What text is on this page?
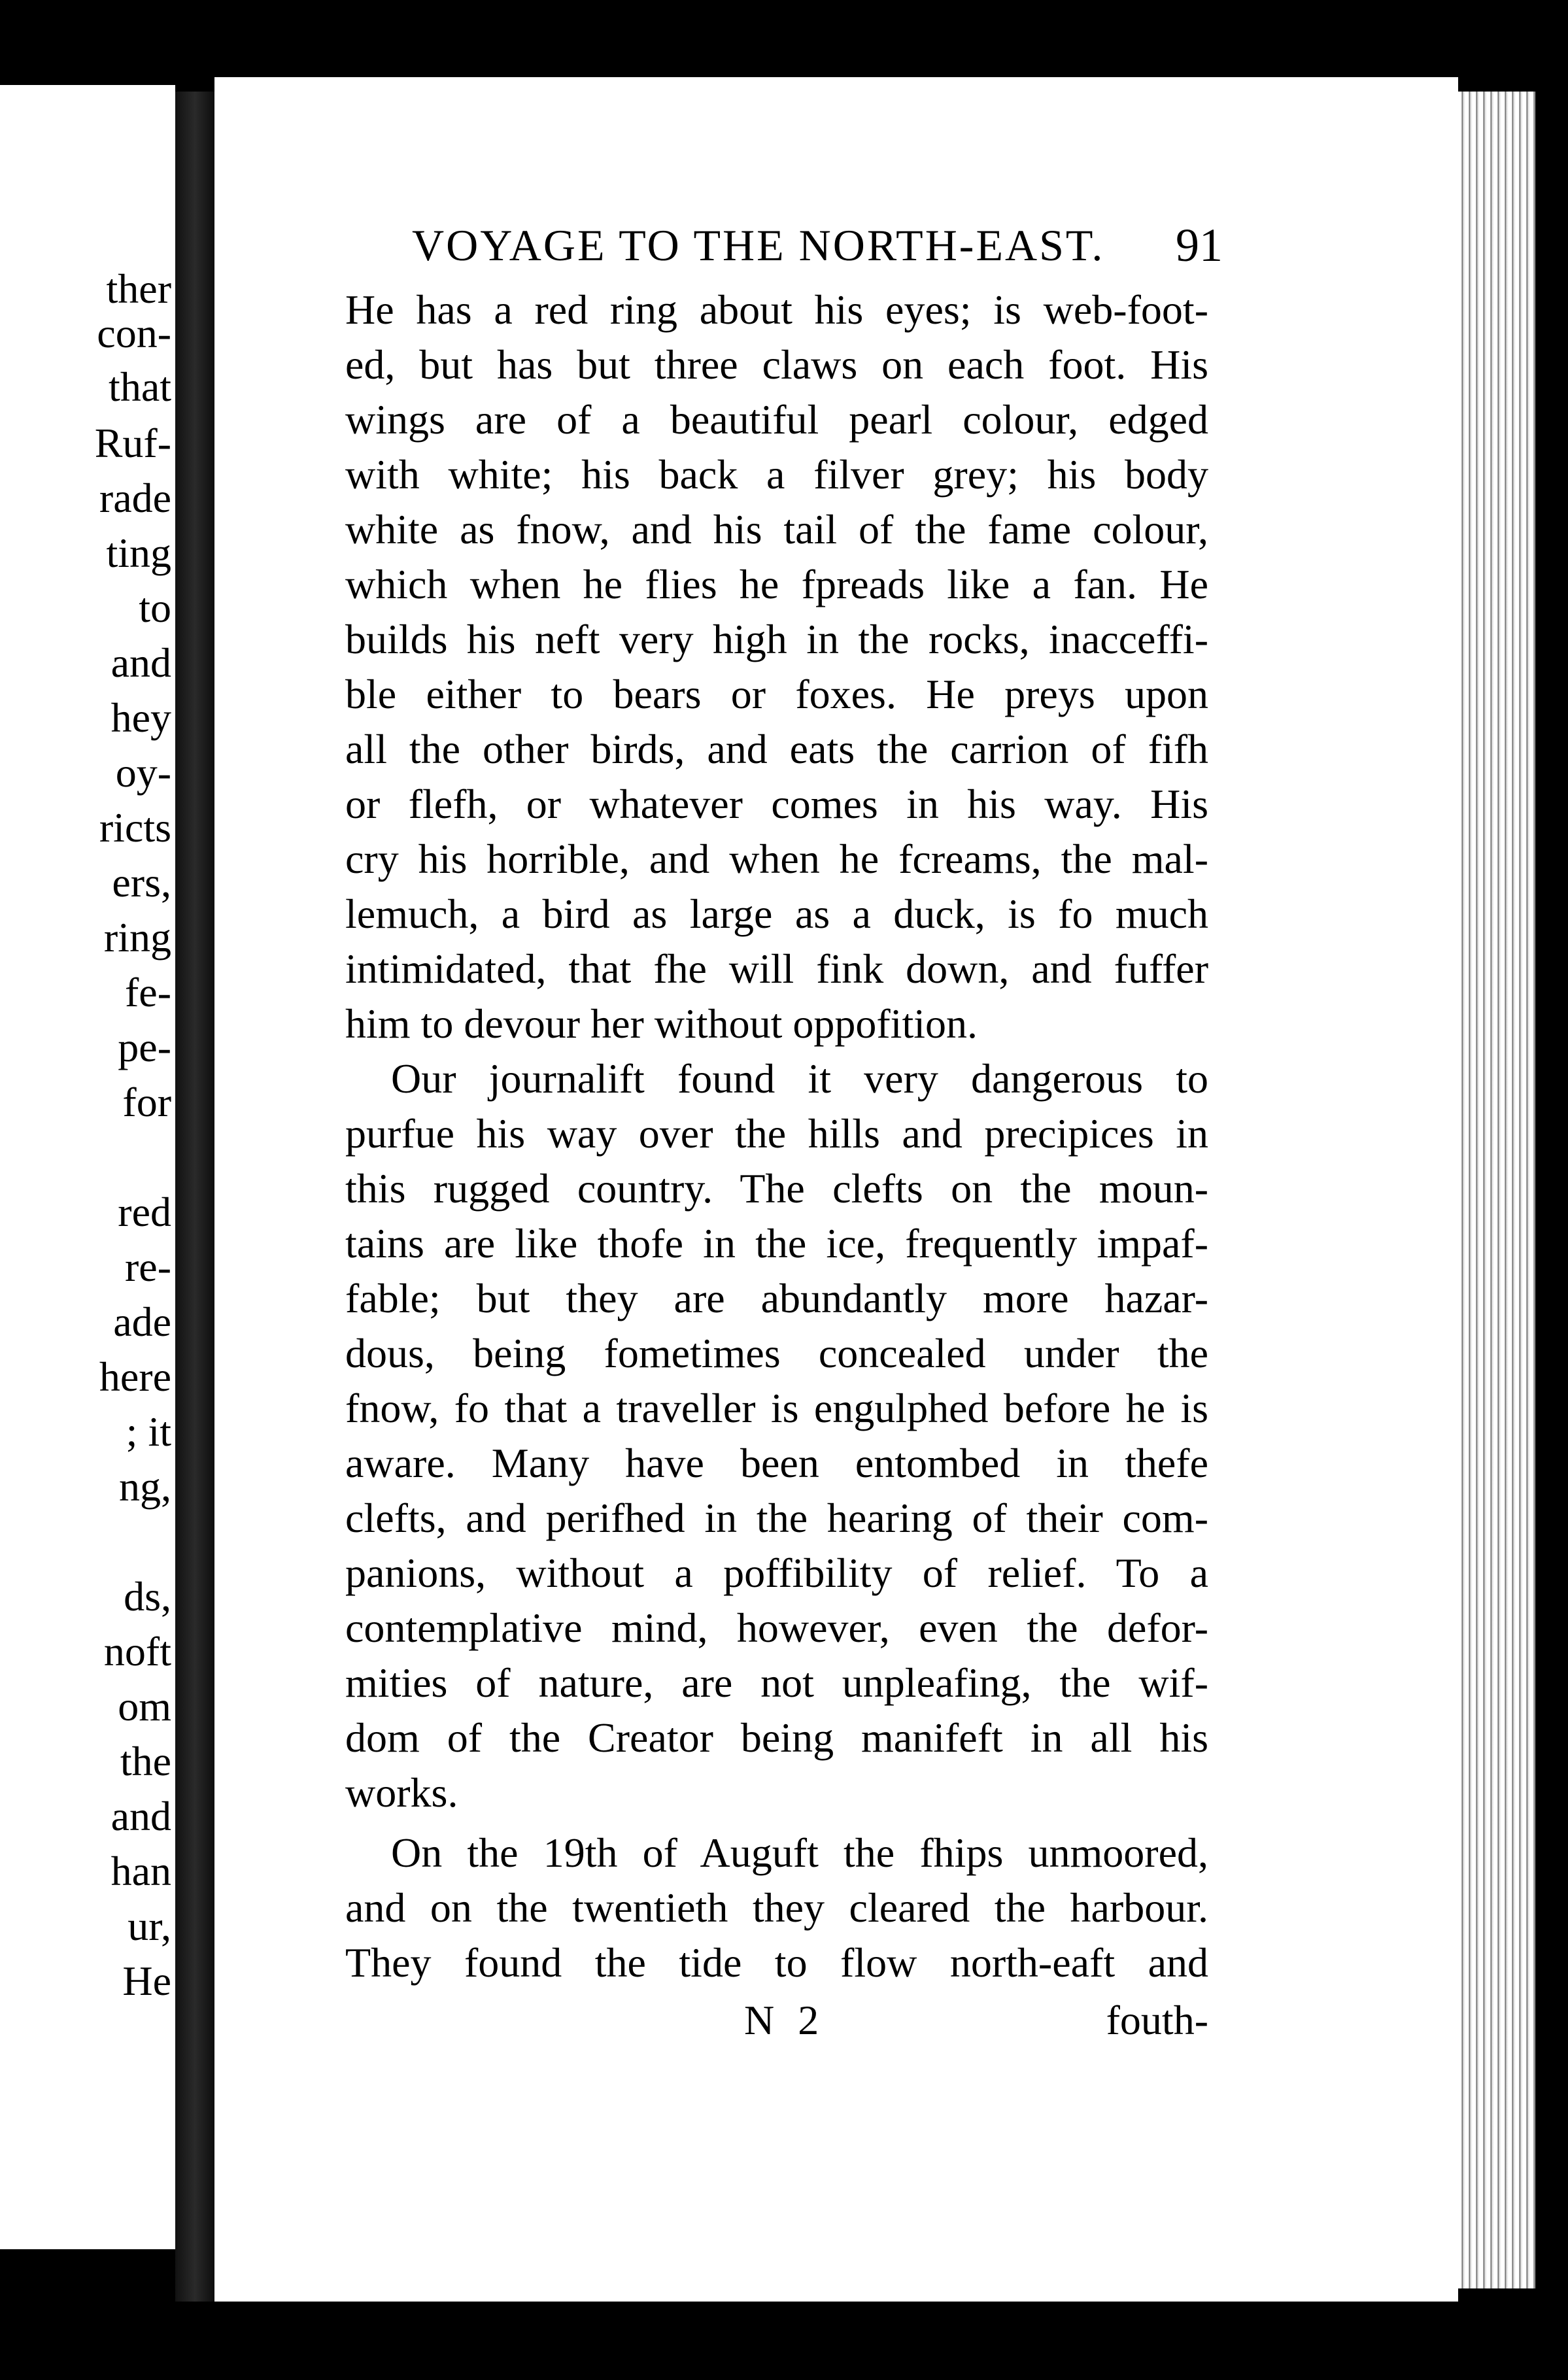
ther
con-
that
Ruf-
rade
ting
to
and
hey
oy-
ricts
ers,
ring
fe-
pe-
for
red
re-
ade
here
; it
ng,
ds,
noft
om
the
and
han
ur,
He
VOYAGE TO THE NORTH-EAST. 91
He has a red ring about his eyes; is web-foot-
ed, but has but three claws on each foot. His
wings are of a beautiful pearl colour, edged
with white; his back a filver grey; his body
white as fnow, and his tail of the fame colour,
which when he flies he fpreads like a fan. He
builds his neft very high in the rocks, inacceffi-
ble either to bears or foxes. He preys upon
all the other birds, and eats the carrion of fifh
or flefh, or whatever comes in his way. His
cry his horrible, and when he fcreams, the mal-
lemuch, a bird as large as a duck, is fo much
intimidated, that fhe will fink down, and fuffer
him to devour her without oppofition.
Our journalift found it very dangerous to
purfue his way over the hills and precipices in
this rugged country. The clefts on the moun-
tains are like thofe in the ice, frequently impaf-
fable; but they are abundantly more hazar-
dous, being fometimes concealed under the
fnow, fo that a traveller is engulphed before he is
aware. Many have been entombed in thefe
clefts, and perifhed in the hearing of their com-
panions, without a poffibility of relief. To a
contemplative mind, however, even the defor-
mities of nature, are not unpleafing, the wif-
dom of the Creator being manifeft in all his
works.
On the 19th of Auguft the fhips unmoored,
and on the twentieth they cleared the harbour.
They found the tide to flow north-eaft and
N 2	fouth-
